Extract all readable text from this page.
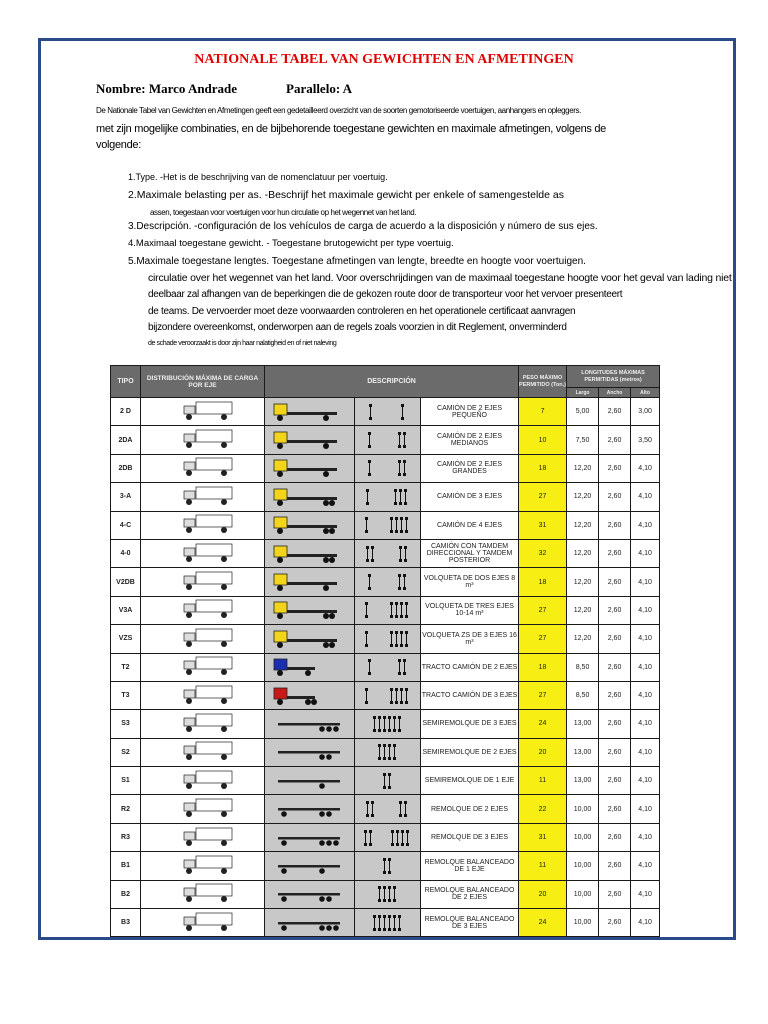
NATIONALE TABEL VAN GEWICHTEN EN AFMETINGEN
Nombre: Marco Andrade	Parallelo: A
De Nationale Tabel van Gewichten en Afmetingen geeft een gedetailleerd overzicht van de soorten gemotoriseerde voertuigen, aanhangers en opleggers.
met zijn mogelijke combinaties, en de bijbehorende toegestane gewichten en maximale afmetingen, volgens de
volgende:
1.Type. -Het is de beschrijving van de nomenclatuur per voertuig.
2.Maximale belasting per as. -Beschrijf het maximale gewicht per enkele of samengestelde as
assen, toegestaan voor voertuigen voor hun circulatie op het wegennet van het land.
3.Descripción. -configuración de los vehículos de carga de acuerdo a la disposición y número de sus ejes.
4.Maximaal toegestane gewicht. - Toegestane brutogewicht per type voertuig.
5.Maximale toegestane lengtes. Toegestane afmetingen van lengte, breedte en hoogte voor voertuigen.
circulatie over het wegennet van het land. Voor overschrijdingen van de maximaal toegestane hoogte voor het geval van lading niet
deelbaar zal afhangen van de beperkingen die de gekozen route door de transporteur voor het vervoer presenteert
de teams. De vervoerder moet deze voorwaarden controleren en het operationele certificaat aanvragen
bijzondere overeenkomst, onderworpen aan de regels zoals voorzien in dit Reglement, onverminderd
de schade veroorzaakt is door zijn haar nalatigheid en of niet naleving
TIPO	DISTRIBUCIÓN MÁXIMA DE CARGA POR EJE	DESCRIPCIÓN			PESO MÁXIMO PERMITIDO (Ton.)	LONGITUDES MÁXIMAS PERMITIDAS (metros)		
						Largo	Ancho	Alto
2 D				CAMIÓN DE 2 EJES PEQUEÑO	7	5,00	2,60	3,00
2DA				CAMIÓN DE 2 EJES MEDIANOS	10	7,50	2,60	3,50
2DB				CAMIÓN DE 2 EJES GRANDES	18	12,20	2,60	4,10
3-A				CAMIÓN DE 3 EJES	27	12,20	2,60	4,10
4-C				CAMIÓN DE 4 EJES	31	12,20	2,60	4,10
4-0				CAMIÓN CON TAMDEM DIRECCIONAL Y TAMDEM POSTERIOR	32	12,20	2,60	4,10
V2DB				VOLQUETA DE DOS EJES 8 m³	18	12,20	2,60	4,10
V3A				VOLQUETA DE TRES EJES 10-14 m³	27	12,20	2,60	4,10
VZS				VOLQUETA ZS DE 3 EJES 16 m³	27	12,20	2,60	4,10
T2				TRACTO CAMIÓN DE 2 EJES	18	8,50	2,60	4,10
T3				TRACTO CAMIÓN DE 3 EJES	27	8,50	2,60	4,10
S3				SEMIREMOLQUE DE 3 EJES	24	13,00	2,60	4,10
S2				SEMIREMOLQUE DE 2 EJES	20	13,00	2,60	4,10
S1				SEMIREMOLQUE DE 1 EJE	11	13,00	2,60	4,10
R2				REMOLQUE DE 2 EJES	22	10,00	2,60	4,10
R3				REMOLQUE DE 3 EJES	31	10,00	2,60	4,10
B1				REMOLQUE BALANCEADO DE 1 EJE	11	10,00	2,60	4,10
B2				REMOLQUE BALANCEADO DE 2 EJES	20	10,00	2,60	4,10
B3				REMOLQUE BALANCEADO DE 3 EJES	24	10,00	2,60	4,10
